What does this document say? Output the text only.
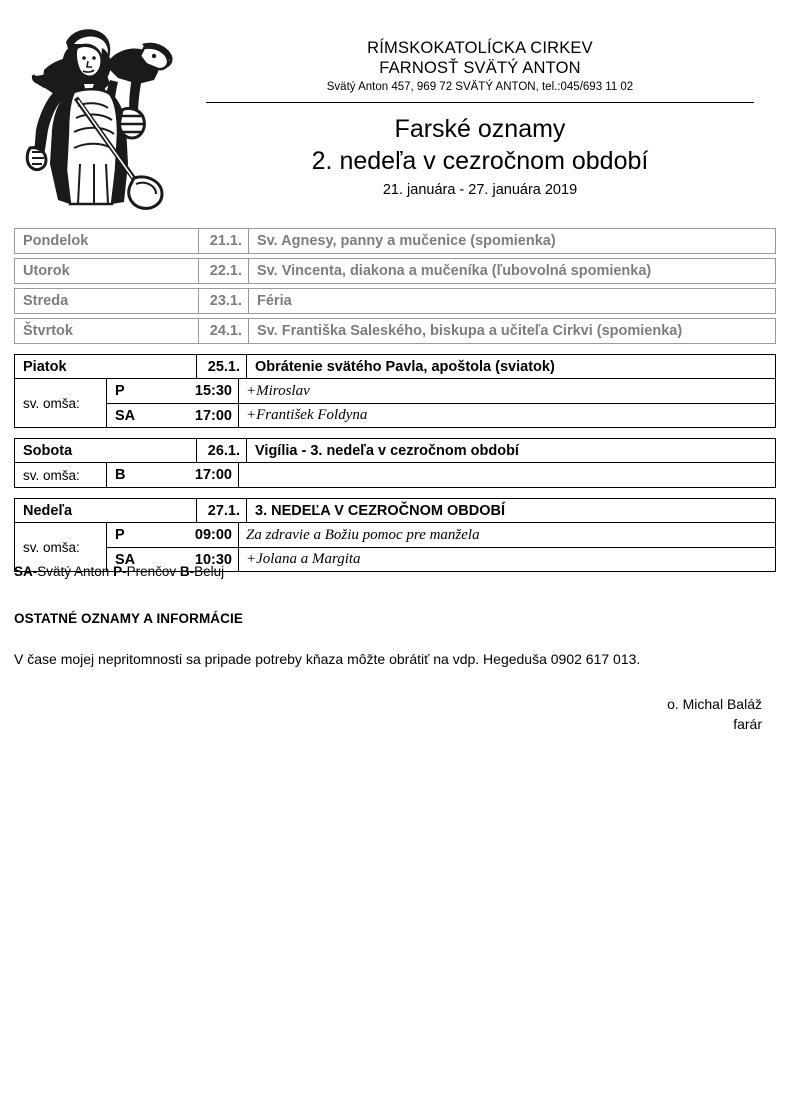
RÍMSKOKATOLÍCKA CIRKEV
FARNOSŤ SVÄTÝ ANTON
Svätý Anton 457, 969 72 SVÄTÝ ANTON, tel.:045/693 11 02
Farské oznamy
2. nedeľa v cezročnom období
21. januára - 27. januára 2019
Pondelok	21.1.	Sv. Agnesy, panny a mučenice (spomienka)
Utorok	22.1.	Sv. Vincenta, diakona a mučeníka (ľubovolná spomienka)
Streda	23.1.	Féria
Štvrtok	24.1.	Sv. Františka Saleského, biskupa a učiteľa Cirkvi (spomienka)
Piatok	25.1.	Obrátenie svätého Pavla, apoštola (sviatok)
sv. omša:
P	15:30 +Miroslav
SA	17:00 +František Foldyna
Sobota	26.1.	Vigília - 3. nedeľa v cezročnom období
sv. omša:	B	17:00
Nedeľa	27.1.	3. NEDEĽA V CEZROČNOM OBDOBÍ
sv. omša:
P	09:00 Za zdravie a Božiu pomoc pre manžela
SA	10:30 +Jolana a Margita
SA-Svätý Anton P-Prenčov B-Beluj
OSTATNÉ OZNAMY A INFORMÁCIE
V čase mojej nepritomnosti sa pripade potreby kňaza môžte obrátiť na vdp. Hegeduša 0902 617 013.
o. Michal Baláž
farár
